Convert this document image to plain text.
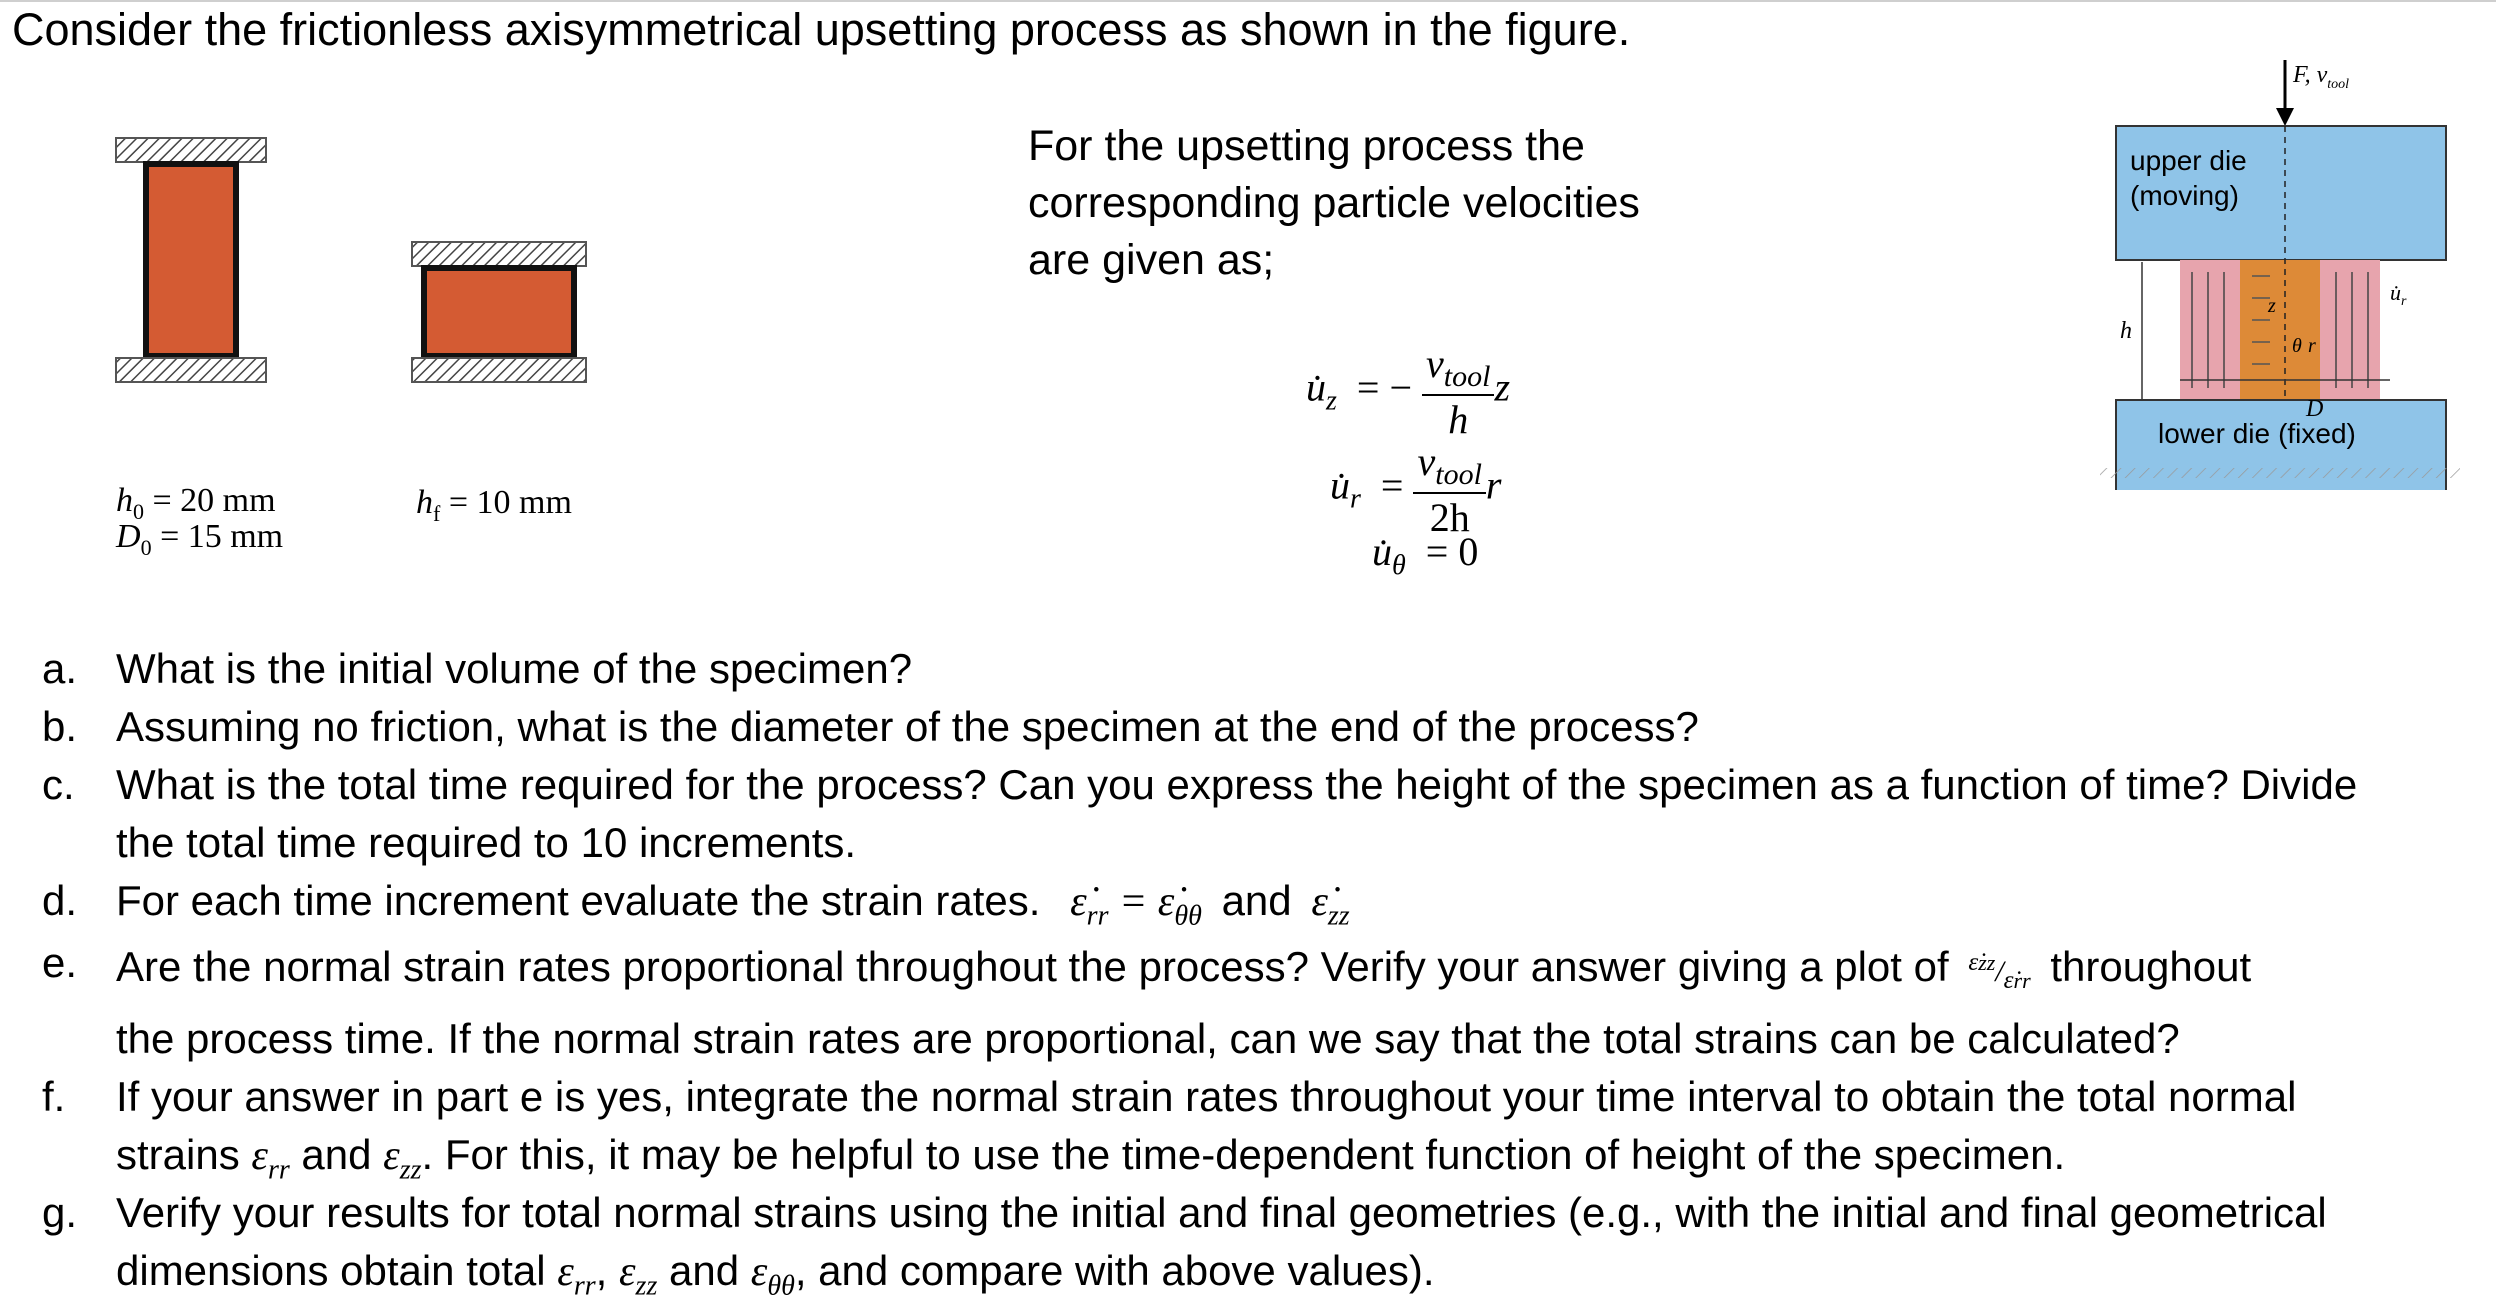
Consider the frictionless axisymmetrical upsetting process as shown in the figure.
$h_0 = 20$ mm
$D_0 = 15$ mm
$h_f = 10$ mm
For the upsetting process the corresponding particle velocities are given as;
$u̇_z$ = − $\frac{v_{tool}}{h}$ z
$u̇_r = \frac{v_{tool}}{2h}$ r
$u̇_\theta = 0$
F, $v_{tool}$
upper die
(moving)
z
θ r
$u̇_r$
h
D
lower die (fixed)
a. What is the initial volume of the specimen?
b. Assuming no friction, what is the diameter of the specimen at the end of the process?
c. What is the total time required for the process? Can you express the height of the specimen as a function of time? Divide
the total time required to 10 increments.
d. For each time increment evaluate the strain rates. $\varepsiloṅ_{rr}$ = $\varepsiloṅ_{\theta\theta}$ and $\varepsiloṅ_{zz}$
e. Are the normal strain rates proportional throughout the process? Verify your answer giving a plot of $^{\varepsiloṅzz}/_{\varepsiloṅrr}$ throughout
the process time. If the normal strain rates are proportional, can we say that the total strains can be calculated?
f. If your answer in part e is yes, integrate the normal strain rates throughout your time interval to obtain the total normal
strains $\varepsilon_{rr}$ and $\varepsilon_{zz}$. For this, it may be helpful to use the time-dependent function of height of the specimen.
g. Verify your results for total normal strains using the initial and final geometries (e.g., with the initial and final geometrical
dimensions obtain total $\varepsilon_{rr}$, $\varepsilon_{zz}$ and $\varepsilon_{\theta\theta}$, and compare with above values).
